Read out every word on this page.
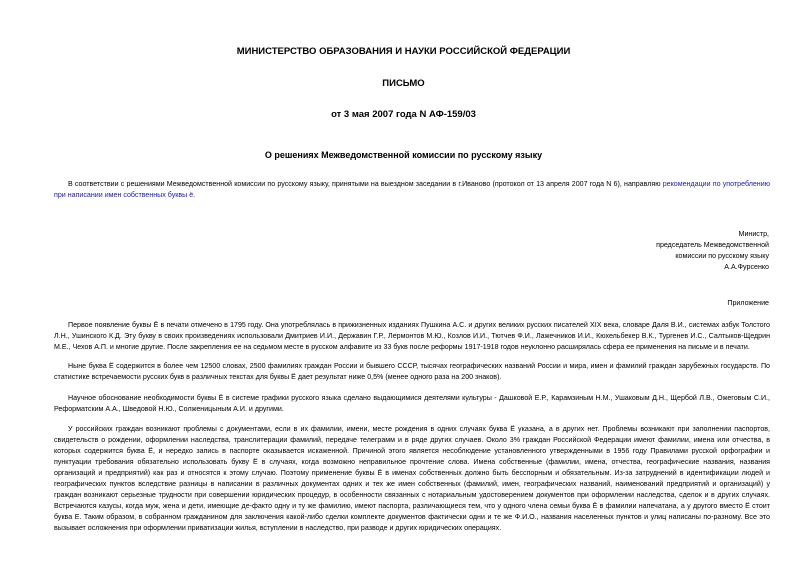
МИНИСТЕРСТВО ОБРАЗОВАНИЯ И НАУКИ РОССИЙСКОЙ ФЕДЕРАЦИИ

ПИСЬМО

от 3 мая 2007 года N АФ-159/03

О решениях Межведомственной комиссии по русскому языку

В соответствии с решениями Межведомственной комиссии по русскому языку, принятыми на выездном заседании в г.Иваново (протокол от 13 апреля 2007 года N 6), направляю рекомендации по употреблению при написании имен собственных буквы ё.

Министр,
председатель Межведомственной
комиссии по русскому языку
А.А.Фурсенко
Приложение

Первое появление буквы Ё в печати отмечено в 1795 году. Она употреблялась в прижизненных изданиях Пушкина А.С. и других великих русских писателей XIX века, словаре Даля В.И., системах азбук Толстого Л.Н., Ушинского К.Д. Эту букву в своих произведениях использовали Дмитриев И.И., Державин Г.Р., Лермонтов М.Ю., Козлов И.И., Тютчев Ф.И., Лажечников И.И., Кюхельбекер В.К., Тургенев И.С., Салтыков-Щедрин М.Е., Чехов А.П. и многие другие. После закрепления ее на седьмом месте в русском алфавите из 33 букв после реформы 1917-1918 годов неуклонно расширялась сфера ее применения на письме и в печати.

Ныне буква Ё содержится в более чем 12500 словах, 2500 фамилиях граждан России и бывшего СССР, тысячах географических названий России и мира, имен и фамилий граждан зарубежных государств. По статистике встречаемости русских букв в различных текстах для буквы Ё дает результат ниже 0,5% (менее одного раза на 200 знаков).

Научное обоснование необходимости буквы Ё в системе графики русского языка сделано выдающимися деятелями культуры - Дашковой Е.Р., Карамзиным Н.М., Ушаковым Д.Н., Щербой Л.В., Ожеговым С.И., Реформатским А.А., Шведовой Н.Ю., Солженицыным А.И. и другими.

У российских граждан возникают проблемы с документами, если в их фамилии, имени, месте рождения в одних случаях буква Ё указана, а в других нет. Проблемы возникают при заполнении паспортов, свидетельств о рождении, оформлении наследства, транслитерации фамилий, передаче телеграмм и в ряде других случаев. Около 3% граждан Российской Федерации имеют фамилии, имена или отчества, в которых содержится буква Ё, и нередко запись в паспорте оказывается искаженной. Причиной этого является несоблюдение установленного утвержденными в 1956 году Правилами русской орфографии и пунктуации требования обязательно использовать букву Ё в случаях, когда возможно неправильное прочтение слова. Имена собственные (фамилии, имена, отчества, географические названия, названия организаций и предприятий) как раз и относятся к этому случаю. Поэтому применение буквы Ё в именах собственных должно быть бесспорным и обязательным. Из-за затруднений в идентификации людей и географических пунктов вследствие разницы в написании в различных документах одних и тех же имен собственных (фамилий, имен, географических названий, наименований предприятий и организаций) у граждан возникают серьезные трудности при совершении юридических процедур, в особенности связанных с нотариальным удостоверением документов при оформлении наследства, сделок и в других случаях. Встречаются казусы, когда муж, жена и дети, имеющие де-факто одну и ту же фамилию, имеют паспорта, различающиеся тем, что у одного члена семьи буква Ё в фамилии напечатана, а у другого вместо Ё стоит буква Е. Таким образом, в собранном гражданином для заключения какой-либо сделки комплекте документов фактически одни и те же Ф.И.О., названия населенных пунктов и улиц написаны по-разному. Все это вызывает осложнения при оформлении приватизации жилья, вступлении в наследство, при разводе и других юридических операциях.
